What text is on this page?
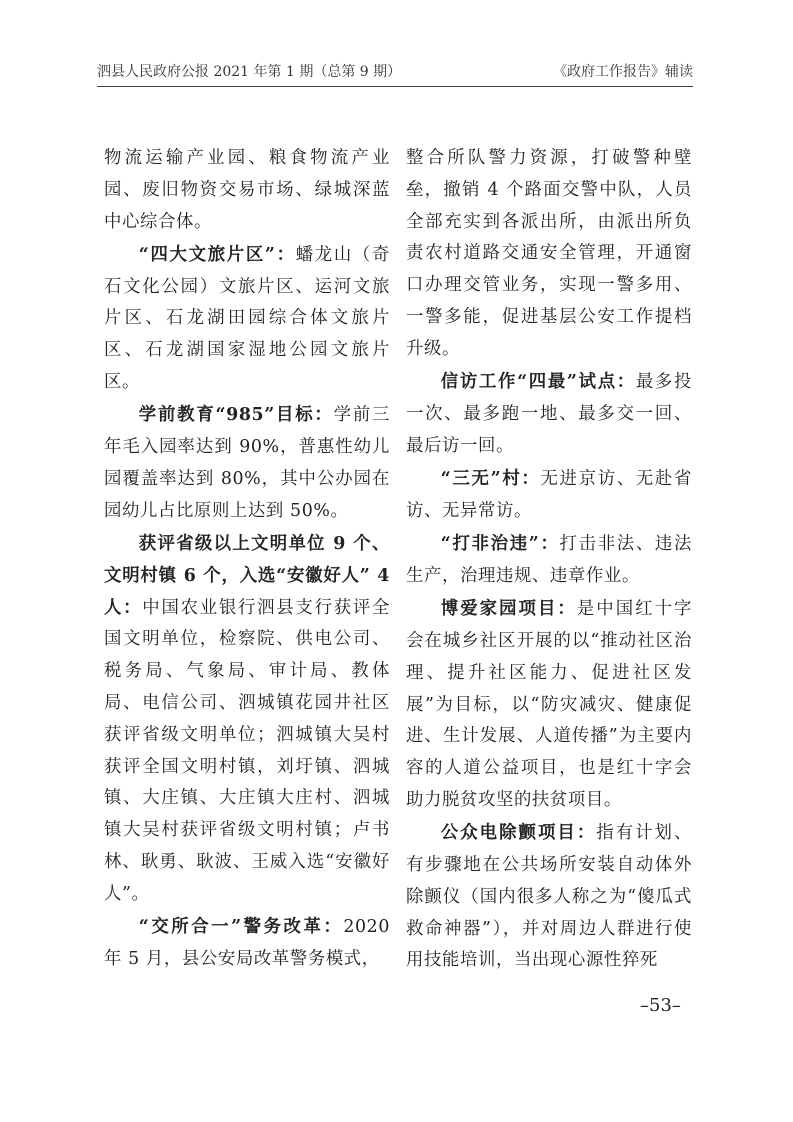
泗县人民政府公报 2021 年第 1 期（总第 9 期）	《政府工作报告》辅读

物流运输产业园、粮食物流产业园、废旧物资交易市场、绿城深蓝中心综合体。

“四大文旅片区”：蟠龙山（奇石文化公园）文旅片区、运河文旅片区、石龙湖田园综合体文旅片区、石龙湖国家湿地公园文旅片区。

学前教育“985”目标：学前三年毛入园率达到 90%，普惠性幼儿园覆盖率达到 80%，其中公办园在园幼儿占比原则上达到 50%。

获评省级以上文明单位 9 个、文明村镇 6 个，入选“安徽好人” 4 人：中国农业银行泗县支行获评全国文明单位，检察院、供电公司、税务局、气象局、审计局、教体局、电信公司、泗城镇花园井社区获评省级文明单位；泗城镇大吴村获评全国文明村镇，刘圩镇、泗城镇、大庄镇、大庄镇大庄村、泗城镇大吴村获评省级文明村镇；卢书林、耿勇、耿波、王威入选“安徽好人”。

“交所合一”警务改革：2020 年 5 月，县公安局改革警务模式，

整合所队警力资源，打破警种壁垒，撤销 4 个路面交警中队，人员全部充实到各派出所，由派出所负责农村道路交通安全管理，开通窗口办理交管业务，实现一警多用、一警多能，促进基层公安工作提档升级。

信访工作“四最”试点：最多投一次、最多跑一地、最多交一回、最后访一回。

“三无”村：无进京访、无赴省访、无异常访。

“打非治违”：打击非法、违法生产，治理违规、违章作业。

博爱家园项目：是中国红十字会在城乡社区开展的以“推动社区治理、提升社区能力、促进社区发展”为目标，以“防灾减灾、健康促进、生计发展、人道传播”为主要内容的人道公益项目，也是红十字会助力脱贫攻坚的扶贫项目。

公众电除颤项目：指有计划、有步骤地在公共场所安装自动体外除颤仪（国内很多人称之为“傻瓜式救命神器”），并对周边人群进行使用技能培训，当出现心源性猝死

–53–
